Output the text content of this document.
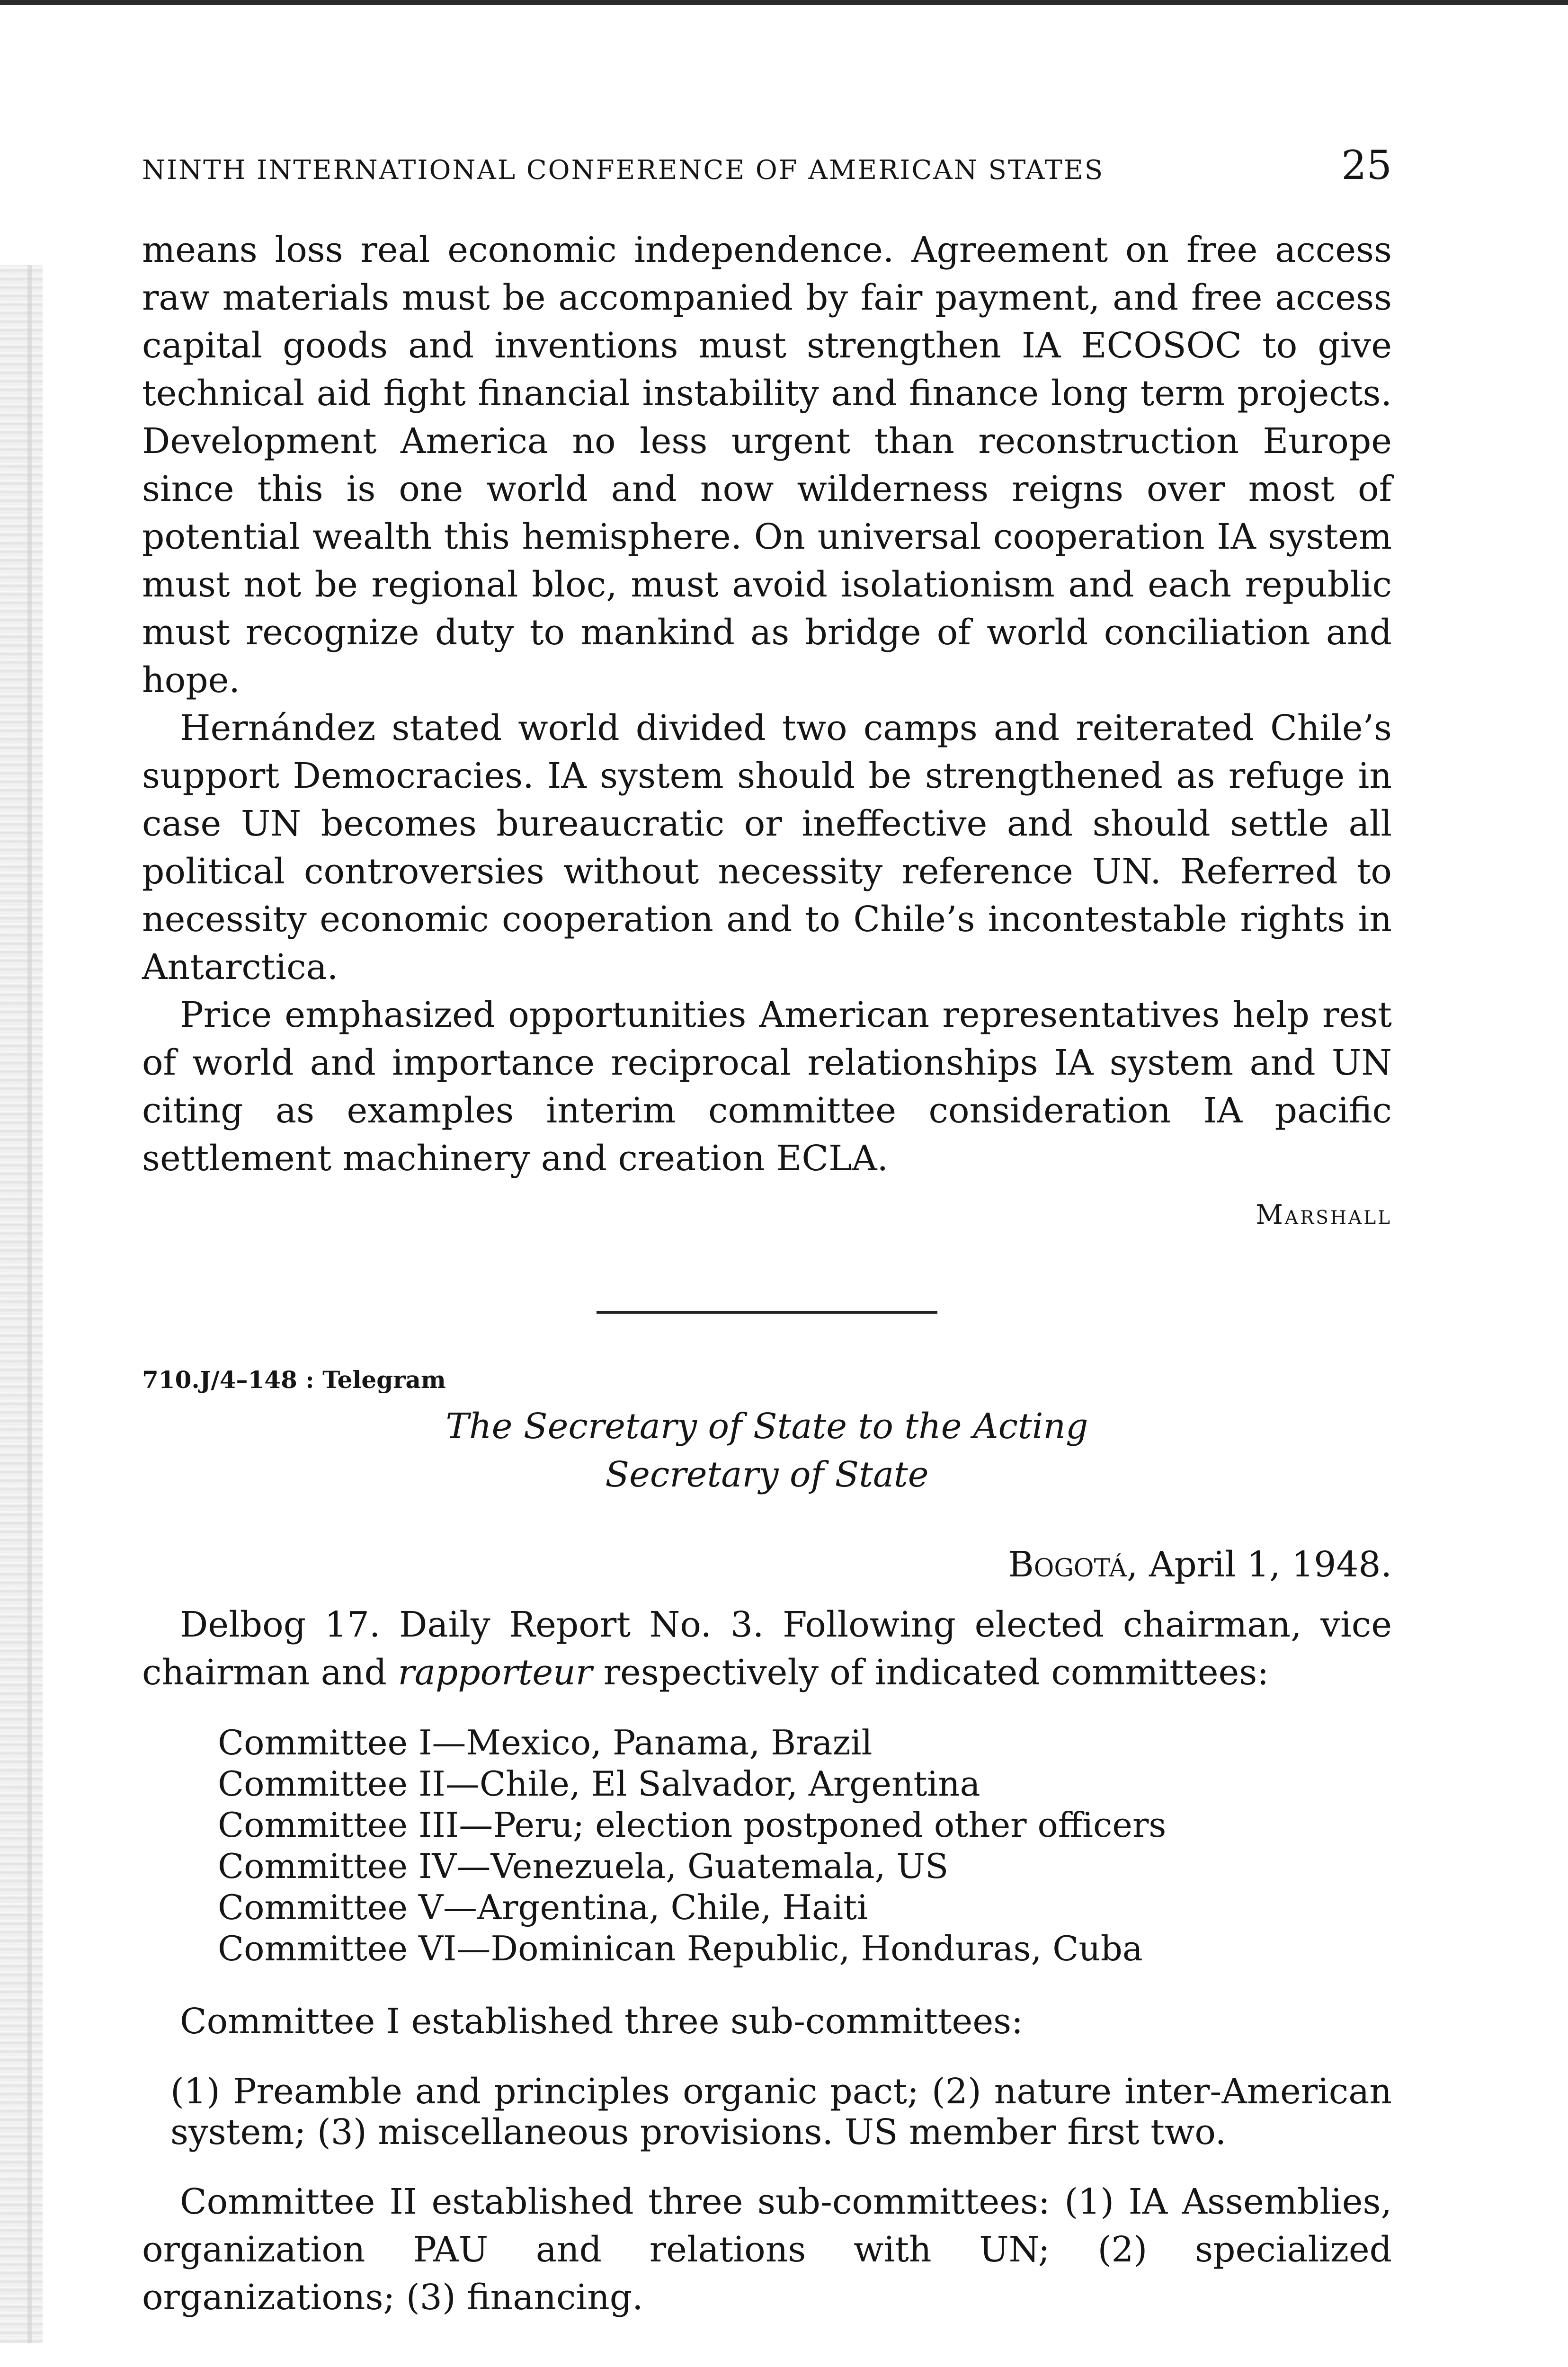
NINTH INTERNATIONAL CONFERENCE OF AMERICAN STATES	25

means loss real economic independence. Agreement on free access raw materials must be accompanied by fair payment, and free access capital goods and inventions must strengthen IA ECOSOC to give technical aid fight financial instability and finance long term projects. Development America no less urgent than reconstruction Europe since this is one world and now wilderness reigns over most of potential wealth this hemisphere. On universal cooperation IA system must not be regional bloc, must avoid isolationism and each republic must recognize duty to mankind as bridge of world conciliation and hope.

Hernández stated world divided two camps and reiterated Chile’s support Democracies. IA system should be strengthened as refuge in case UN becomes bureaucratic or ineffective and should settle all political controversies without necessity reference UN. Referred to necessity economic cooperation and to Chile’s incontestable rights in Antarctica.

Price emphasized opportunities American representatives help rest of world and importance reciprocal relationships IA system and UN citing as examples interim committee consideration IA pacific settlement machinery and creation ECLA.

Marshall
710.J/4–148 : Telegram
The Secretary of State to the Acting
Secretary of State
Bogotá, April 1, 1948.

Delbog 17. Daily Report No. 3. Following elected chairman, vice chairman and rapporteur respectively of indicated committees:

Committee I—Mexico, Panama, Brazil
Committee II—Chile, El Salvador, Argentina
Committee III—Peru; election postponed other officers
Committee IV—Venezuela, Guatemala, US
Committee V—Argentina, Chile, Haiti
Committee VI—Dominican Republic, Honduras, Cuba

Committee I established three sub-committees:

(1) Preamble and principles organic pact; (2) nature inter-American system; (3) miscellaneous provisions. US member first two.

Committee II established three sub-committees: (1) IA Assemblies, organization PAU and relations with UN; (2) specialized organizations; (3) financing.
